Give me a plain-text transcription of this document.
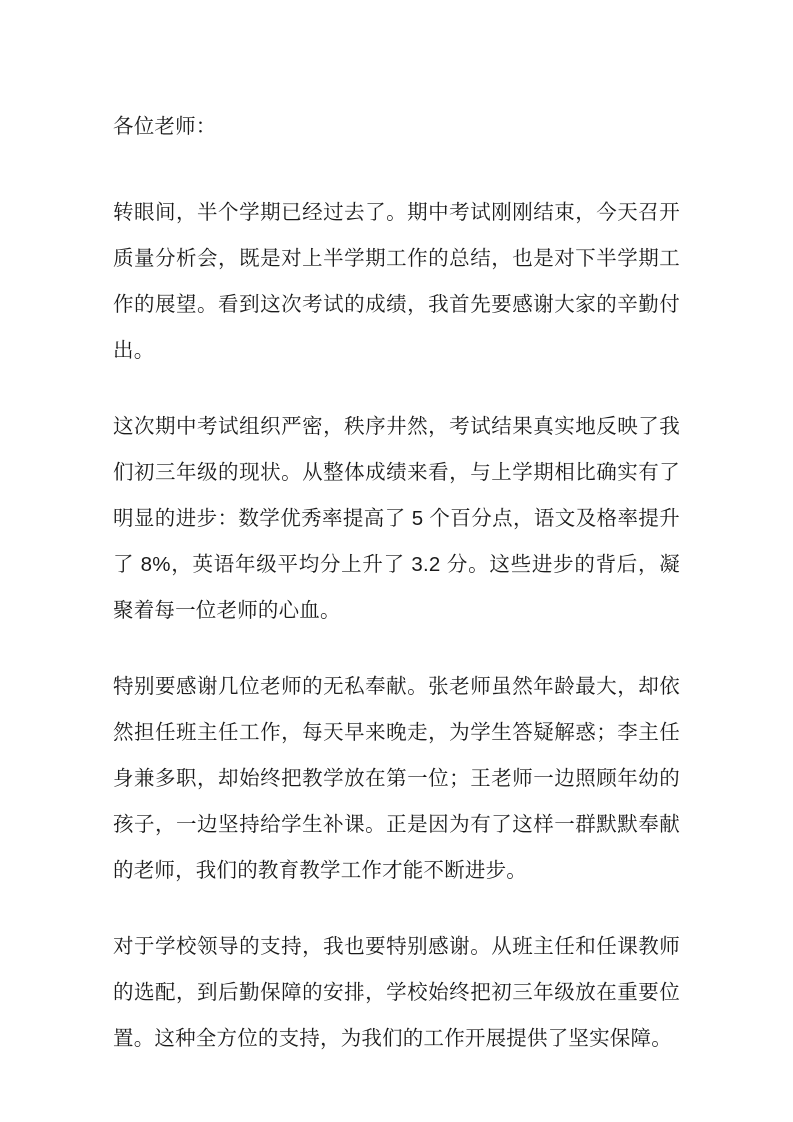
各位老师：

转眼间，半个学期已经过去了。期中考试刚刚结束，今天召开质量分析会，既是对上半学期工作的总结，也是对下半学期工作的展望。看到这次考试的成绩，我首先要感谢大家的辛勤付出。

这次期中考试组织严密，秩序井然，考试结果真实地反映了我们初三年级的现状。从整体成绩来看，与上学期相比确实有了明显的进步：数学优秀率提高了 5 个百分点，语文及格率提升了 8%，英语年级平均分上升了 3.2 分。这些进步的背后，凝聚着每一位老师的心血。

特别要感谢几位老师的无私奉献。张老师虽然年龄最大，却依然担任班主任工作，每天早来晚走，为学生答疑解惑；李主任身兼多职，却始终把教学放在第一位；王老师一边照顾年幼的孩子，一边坚持给学生补课。正是因为有了这样一群默默奉献的老师，我们的教育教学工作才能不断进步。

对于学校领导的支持，我也要特别感谢。从班主任和任课教师的选配，到后勤保障的安排，学校始终把初三年级放在重要位置。这种全方位的支持，为我们的工作开展提供了坚实保障。
